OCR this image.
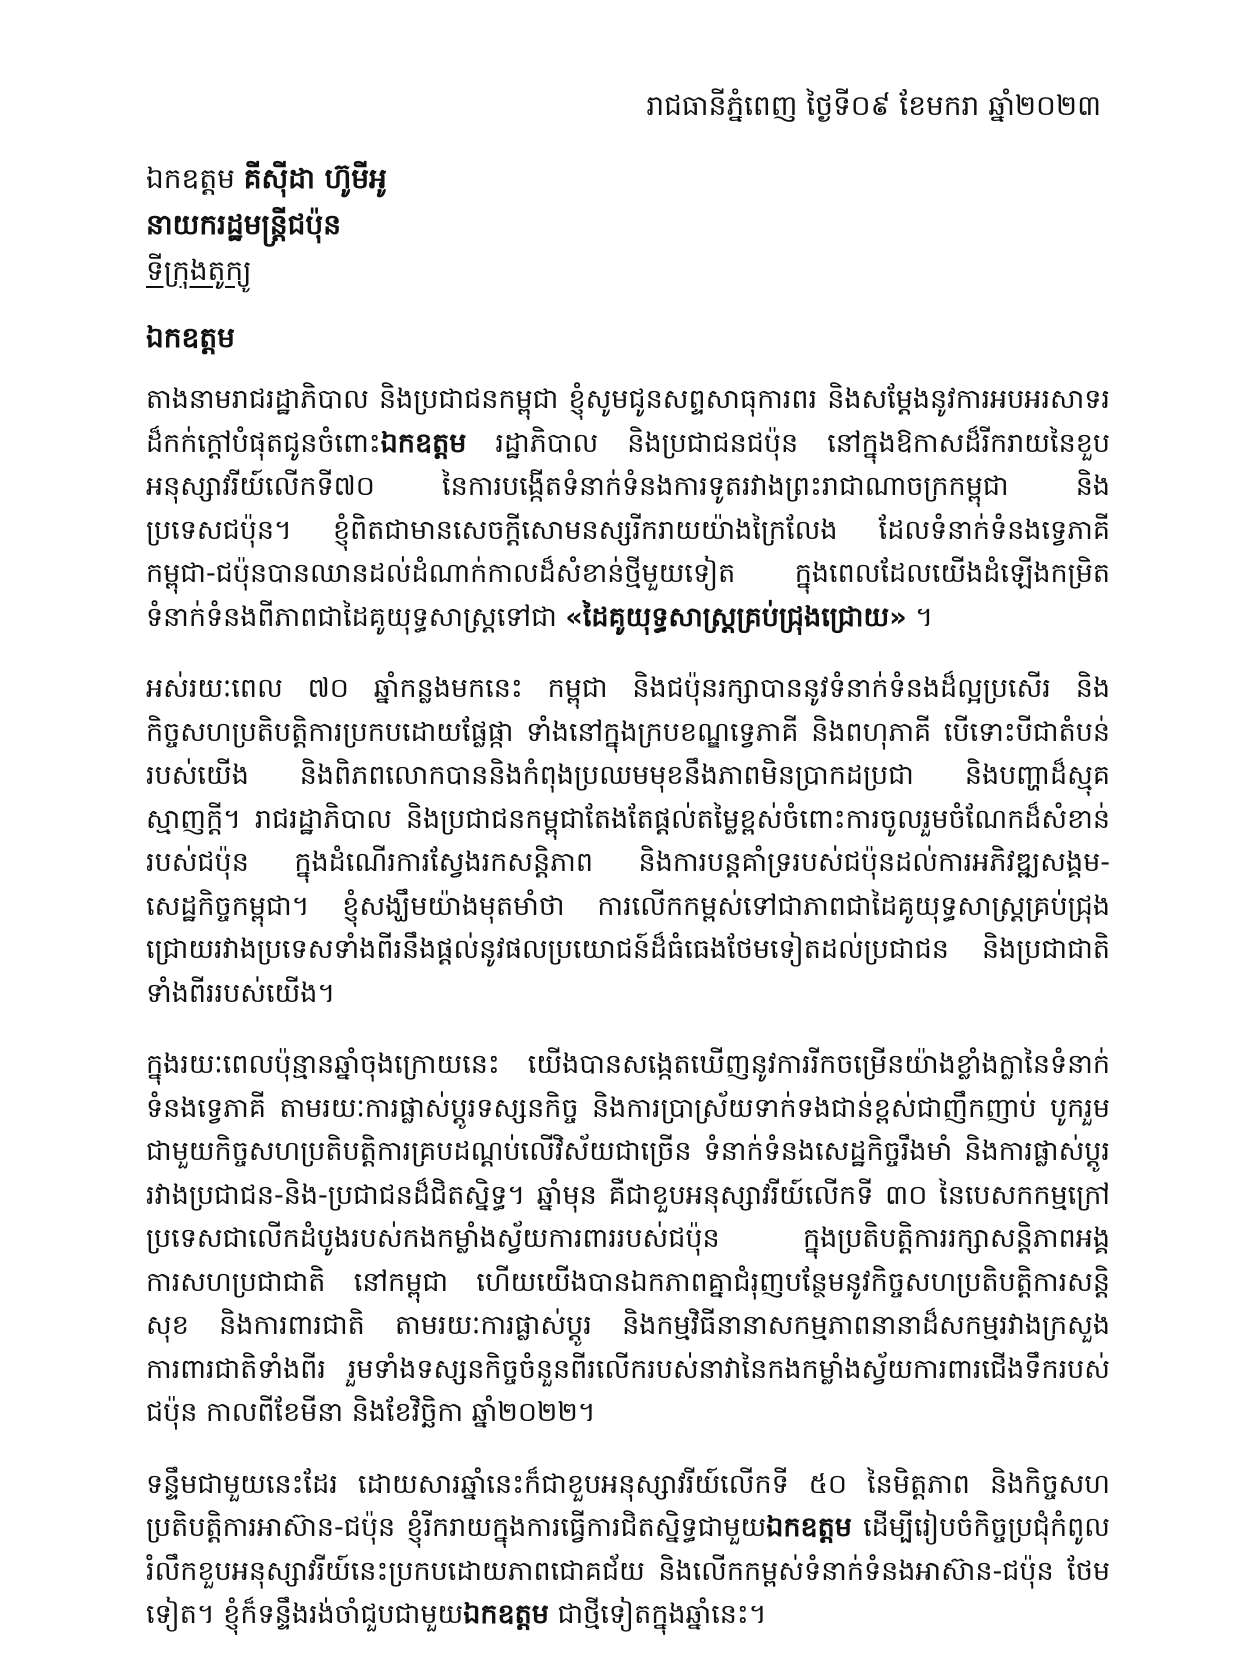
រាជធានីភ្នំពេញ ថ្ងៃទី០៩ ខែមករា ឆ្នាំ២០២៣
ឯកឧត្តម គីស៊ីដា ហ៊ូមីអូ
នាយករដ្ឋមន្ត្រីជប៉ុន
ទីក្រុងតូក្យូ
ឯកឧត្តម

តាងនាមរាជរដ្ឋាភិបាល និងប្រជាជនកម្ពុជា ខ្ញុំសូមជូនសព្ទសាធុការពរ និងសម្តែងនូវការអបអរសាទរដ៏កក់ក្តៅបំផុតជូនចំពោះឯកឧត្តម រដ្ឋាភិបាល និងប្រជាជនជប៉ុន នៅក្នុងឱកាសដ៏រីករាយនៃខួបអនុស្សាវរីយ៍លើកទី៧០ នៃការបង្កើតទំនាក់ទំនងការទូតរវាងព្រះរាជាណាចក្រកម្ពុជា និងប្រទេសជប៉ុន។ ខ្ញុំពិតជាមានសេចក្តីសោមនស្សរីករាយយ៉ាងក្រៃលែង ដែលទំនាក់ទំនងទ្វេភាគីកម្ពុជា-ជប៉ុនបានឈានដល់ដំណាក់កាលដ៏សំខាន់ថ្មីមួយទៀត ក្នុងពេលដែលយើងដំឡើងកម្រិតទំនាក់ទំនងពីភាពជាដៃគូយុទ្ធសាស្ត្រទៅជា «ដៃគូយុទ្ធសាស្ត្រគ្រប់ជ្រុងជ្រោយ» ។

អស់រយៈពេល ៧០ ឆ្នាំកន្លងមកនេះ កម្ពុជា និងជប៉ុនរក្សាបាននូវទំនាក់ទំនងដ៏ល្អប្រសើរ និងកិច្ចសហប្រតិបត្តិការប្រកបដោយផ្លែផ្កា ទាំងនៅក្នុងក្របខណ្ឌទ្វេភាគី និងពហុភាគី បើទោះបីជាតំបន់របស់យើង និងពិភពលោកបាននិងកំពុងប្រឈមមុខនឹងភាពមិនប្រាកដប្រជា និងបញ្ហាដ៏ស្មុគស្មាញក្តី។ រាជរដ្ឋាភិបាល និងប្រជាជនកម្ពុជាតែងតែផ្តល់តម្លៃខ្ពស់ចំពោះការចូលរួមចំណែកដ៏សំខាន់របស់ជប៉ុន ក្នុងដំណើរការស្វែងរកសន្តិភាព និងការបន្តគាំទ្ររបស់ជប៉ុនដល់ការអភិវឌ្ឍសង្គម-សេដ្ឋកិច្ចកម្ពុជា។ ខ្ញុំសង្ឃឹមយ៉ាងមុតមាំថា ការលើកកម្ពស់ទៅជាភាពជាដៃគូយុទ្ធសាស្ត្រគ្រប់ជ្រុងជ្រោយរវាងប្រទេសទាំងពីរនឹងផ្តល់នូវផលប្រយោជន៍ដ៏ធំធេងថែមទៀតដល់ប្រជាជន និងប្រជាជាតិទាំងពីររបស់យើង។

ក្នុងរយៈពេលប៉ុន្មានឆ្នាំចុងក្រោយនេះ យើងបានសង្កេតឃើញនូវការរីកចម្រើនយ៉ាងខ្លាំងក្លានៃទំនាក់ទំនងទ្វេភាគី តាមរយៈការផ្លាស់ប្តូរទស្សនកិច្ច និងការប្រាស្រ័យទាក់ទងជាន់ខ្ពស់ជាញឹកញាប់ បូករួមជាមួយកិច្ចសហប្រតិបត្តិការគ្របដណ្តប់លើវិស័យជាច្រើន ទំនាក់ទំនងសេដ្ឋកិច្ចរឹងមាំ និងការផ្លាស់ប្តូររវាងប្រជាជន-និង-ប្រជាជនដ៏ជិតស្និទ្ធ។ ឆ្នាំមុន គឺជាខួបអនុស្សាវរីយ៍លើកទី ៣០ នៃបេសកកម្មក្រៅប្រទេសជាលើកដំបូងរបស់កងកម្លាំងស្វ័យការពាររបស់ជប៉ុន ក្នុងប្រតិបត្តិការរក្សាសន្តិភាពអង្គការសហប្រជាជាតិ នៅកម្ពុជា ហើយយើងបានឯកភាពគ្នាជំរុញបន្ថែមនូវកិច្ចសហប្រតិបត្តិការសន្តិសុខ និងការពារជាតិ តាមរយៈការផ្លាស់ប្តូរ និងកម្មវិធីនានាសកម្មភាពនានាដ៏សកម្មរវាងក្រសួងការពារជាតិទាំងពីរ រួមទាំងទស្សនកិច្ចចំនួនពីរលើករបស់នាវានៃកងកម្លាំងស្វ័យការពារជើងទឹករបស់ជប៉ុន កាលពីខែមីនា និងខែវិច្ឆិកា ឆ្នាំ២០២២។

ទន្ទឹមជាមួយនេះដែរ ដោយសារឆ្នាំនេះក៏ជាខួបអនុស្សាវរីយ៍លើកទី ៥០ នៃមិត្តភាព និងកិច្ចសហប្រតិបត្តិការអាស៊ាន-ជប៉ុន ខ្ញុំរីករាយក្នុងការធ្វើការជិតស្និទ្ធជាមួយឯកឧត្តម ដើម្បីរៀបចំកិច្ចប្រជុំកំពូលរំលឹកខួបអនុស្សាវរីយ៍នេះប្រកបដោយភាពជោគជ័យ និងលើកកម្ពស់ទំនាក់ទំនងអាស៊ាន-ជប៉ុន ថែមទៀត។ ខ្ញុំក៏ទន្ទឹងរង់ចាំជួបជាមួយឯកឧត្តម ជាថ្មីទៀតក្នុងឆ្នាំនេះ។
